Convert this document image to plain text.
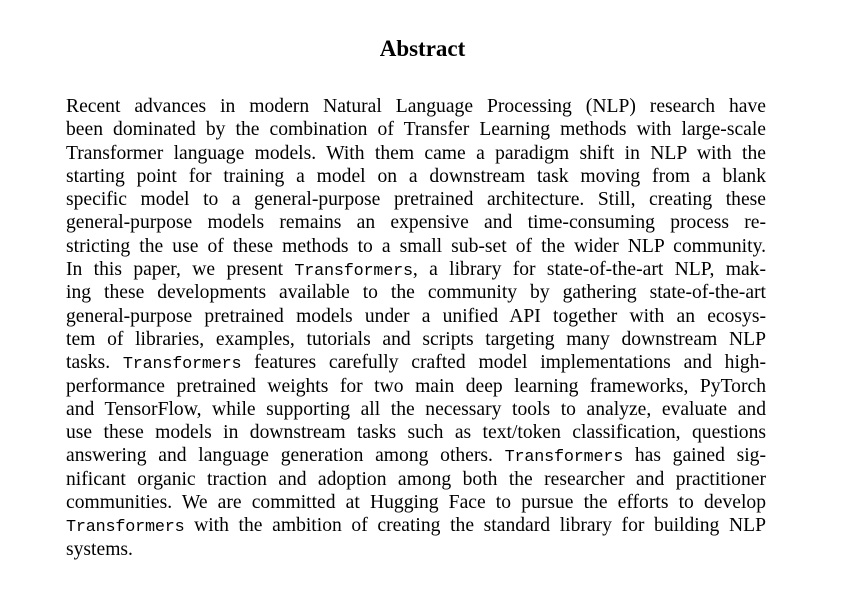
Abstract
Recent advances in modern Natural Language Processing (NLP) research have
been dominated by the combination of Transfer Learning methods with large-scale
Transformer language models. With them came a paradigm shift in NLP with the
starting point for training a model on a downstream task moving from a blank
specific model to a general-purpose pretrained architecture. Still, creating these
general-purpose models remains an expensive and time-consuming process re-
stricting the use of these methods to a small sub-set of the wider NLP community.
In this paper, we present Transformers, a library for state-of-the-art NLP, mak-
ing these developments available to the community by gathering state-of-the-art
general-purpose pretrained models under a unified API together with an ecosys-
tem of libraries, examples, tutorials and scripts targeting many downstream NLP
tasks. Transformers features carefully crafted model implementations and high-
performance pretrained weights for two main deep learning frameworks, PyTorch
and TensorFlow, while supporting all the necessary tools to analyze, evaluate and
use these models in downstream tasks such as text/token classification, questions
answering and language generation among others. Transformers has gained sig-
nificant organic traction and adoption among both the researcher and practitioner
communities. We are committed at Hugging Face to pursue the efforts to develop
Transformers with the ambition of creating the standard library for building NLP
systems.
